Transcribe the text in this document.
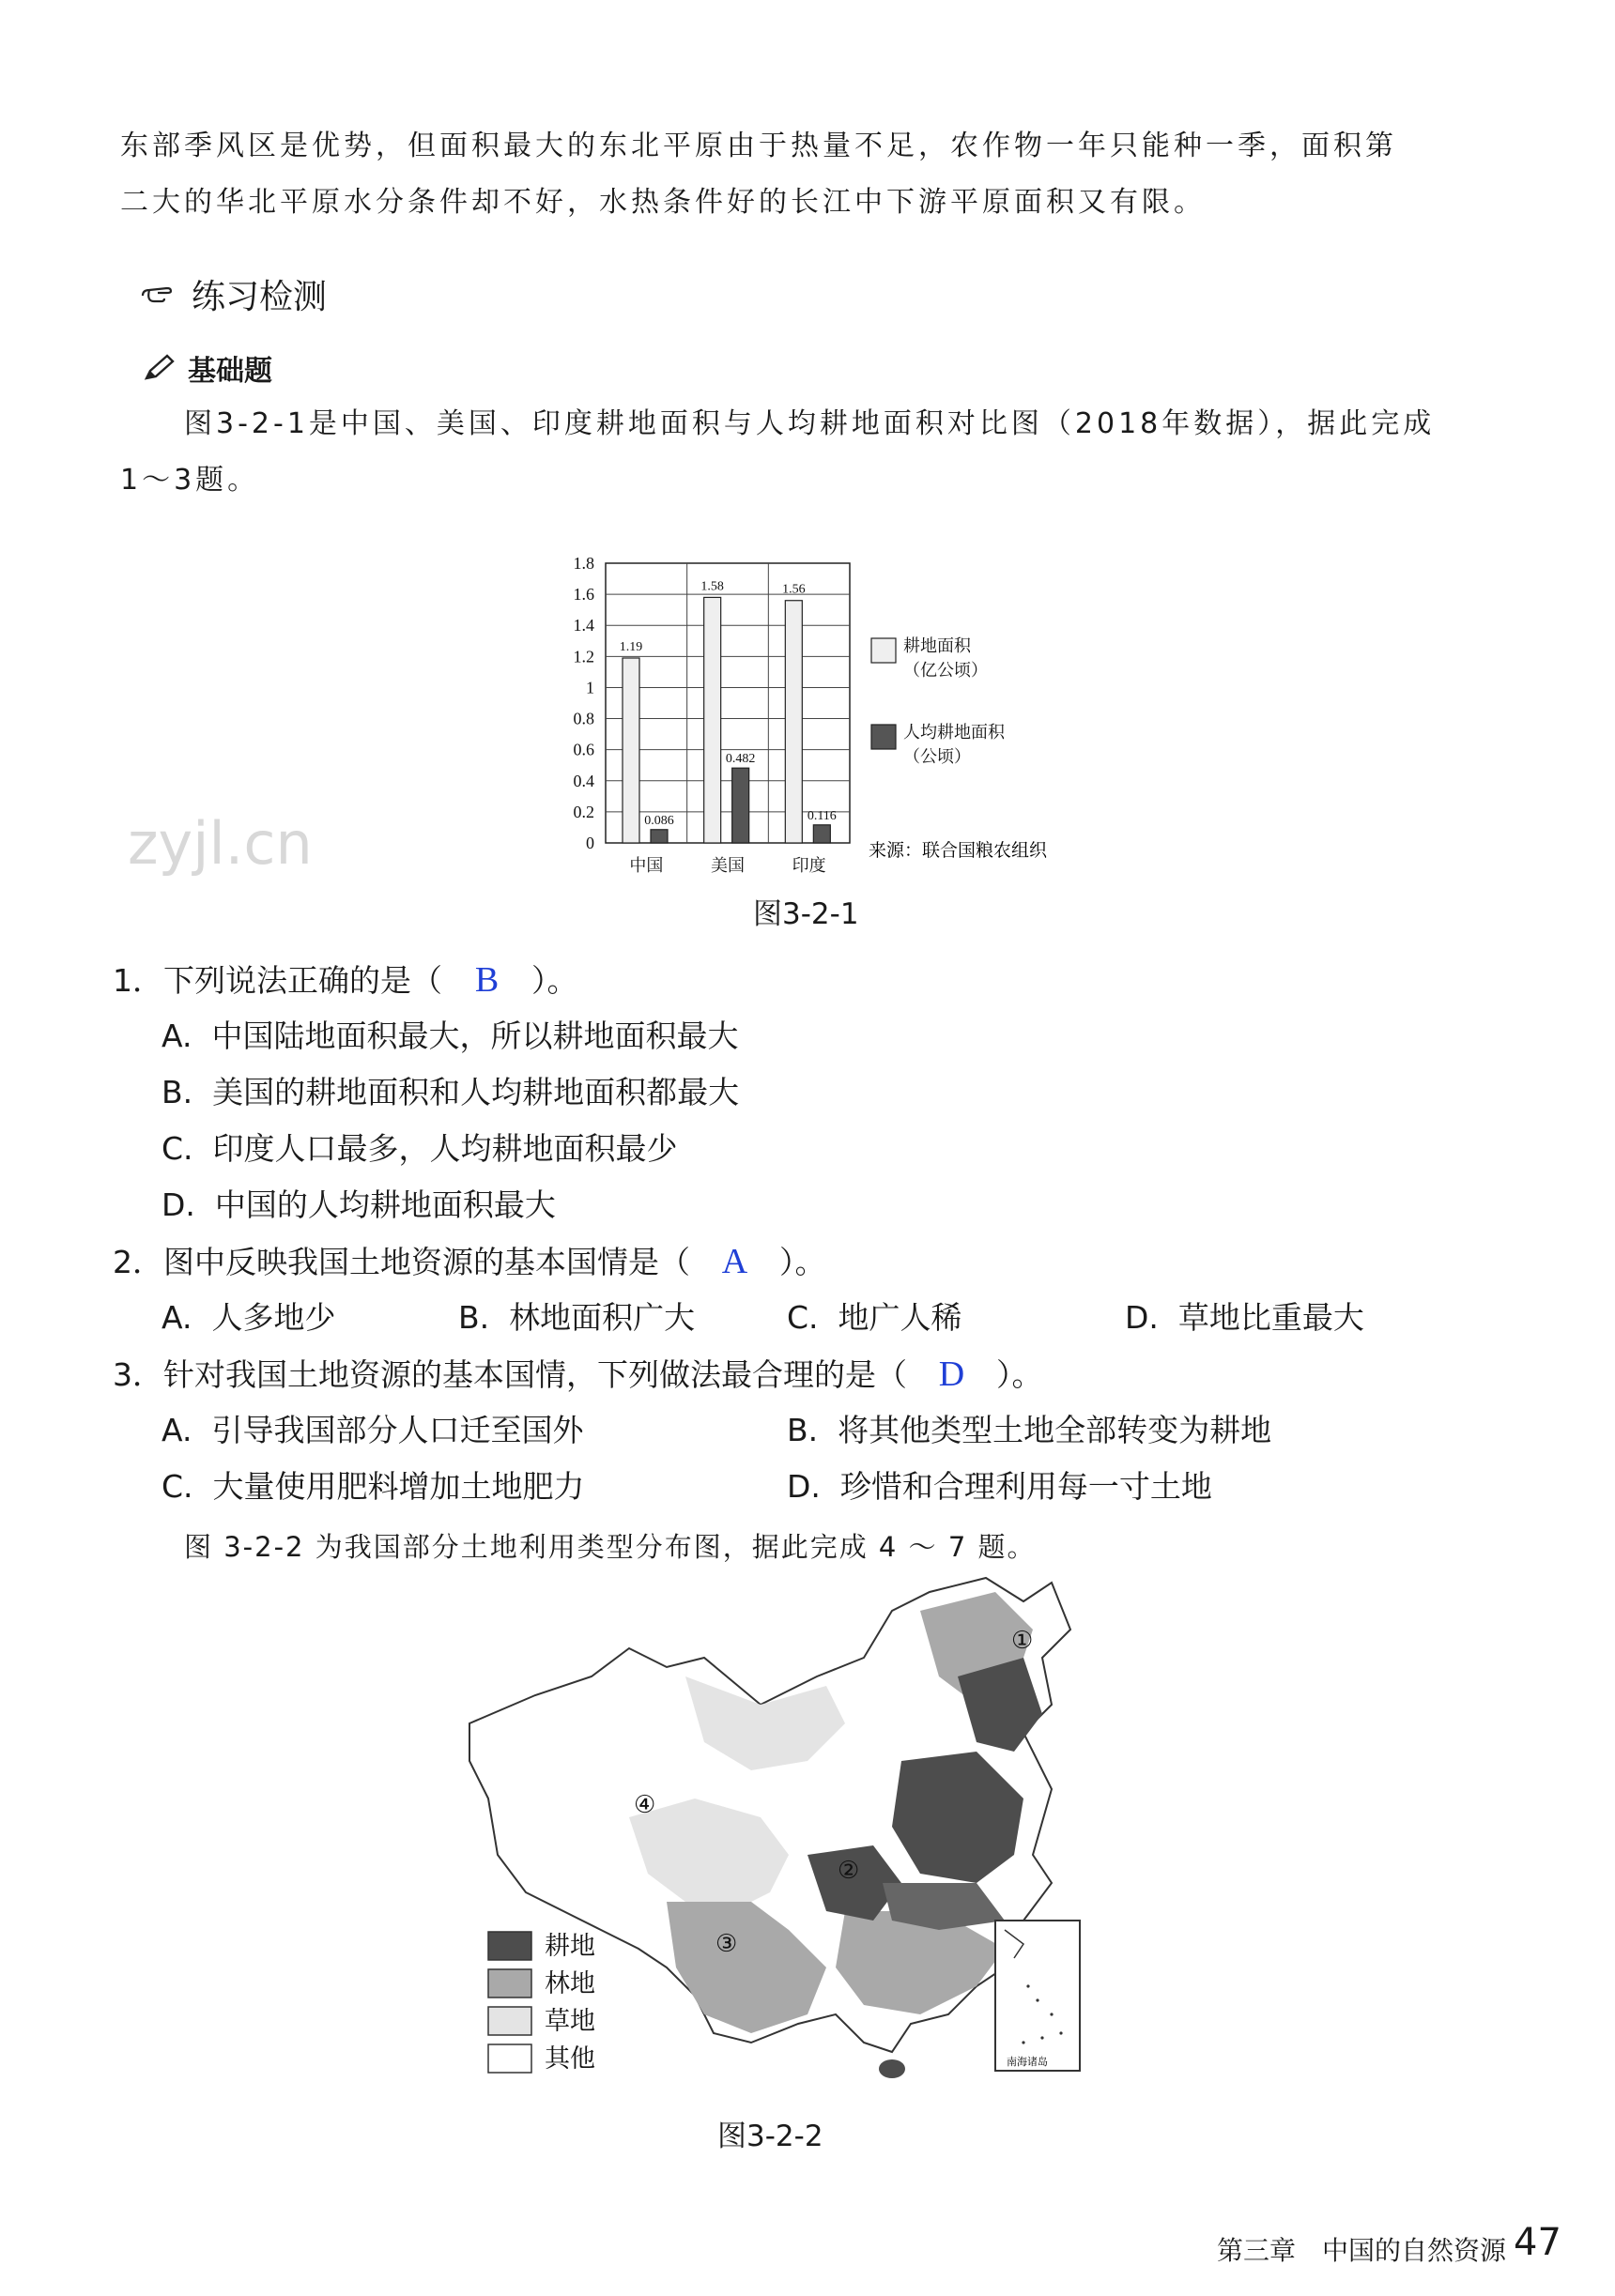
东部季风区是优势，但面积最大的东北平原由于热量不足，农作物一年只能种一季，面积第
二大的华北平原水分条件却不好，水热条件好的长江中下游平原面积又有限。
练习检测
基础题
图3-2-1是中国、美国、印度耕地面积与人均耕地面积对比图（2018年数据），据此完成
1～3题。
0
0.2
0.4
0.6
0.8
1
1.2
1.4
1.6
1.8
1.19
0.086
1.58
0.482
1.56
0.116
中国	美国	印度
耕地面积
（亿公顷）
人均耕地面积
（公顷）
来源：联合国粮农组织
zyjl.cn
图3-2-1
1．下列说法正确的是（ B ）。
A. 中国陆地面积最大，所以耕地面积最大
B. 美国的耕地面积和人均耕地面积都最大
C. 印度人口最多，人均耕地面积最少
D. 中国的人均耕地面积最大
2．图中反映我国土地资源的基本国情是（ A ）。
A. 人多地少	B. 林地面积广大	C. 地广人稀	D. 草地比重最大
3．针对我国土地资源的基本国情，下列做法最合理的是（ D ）。
A. 引导我国部分人口迁至国外	B. 将其他类型土地全部转变为耕地
C. 大量使用肥料增加土地肥力	D. 珍惜和合理利用每一寸土地
图 3-2-2 为我国部分土地利用类型分布图，据此完成 4 ～ 7 题。
①
②
③
④
南海诸岛
耕地
林地
草地
其他
图3-2-2
第三章　中国的自然资源 47
